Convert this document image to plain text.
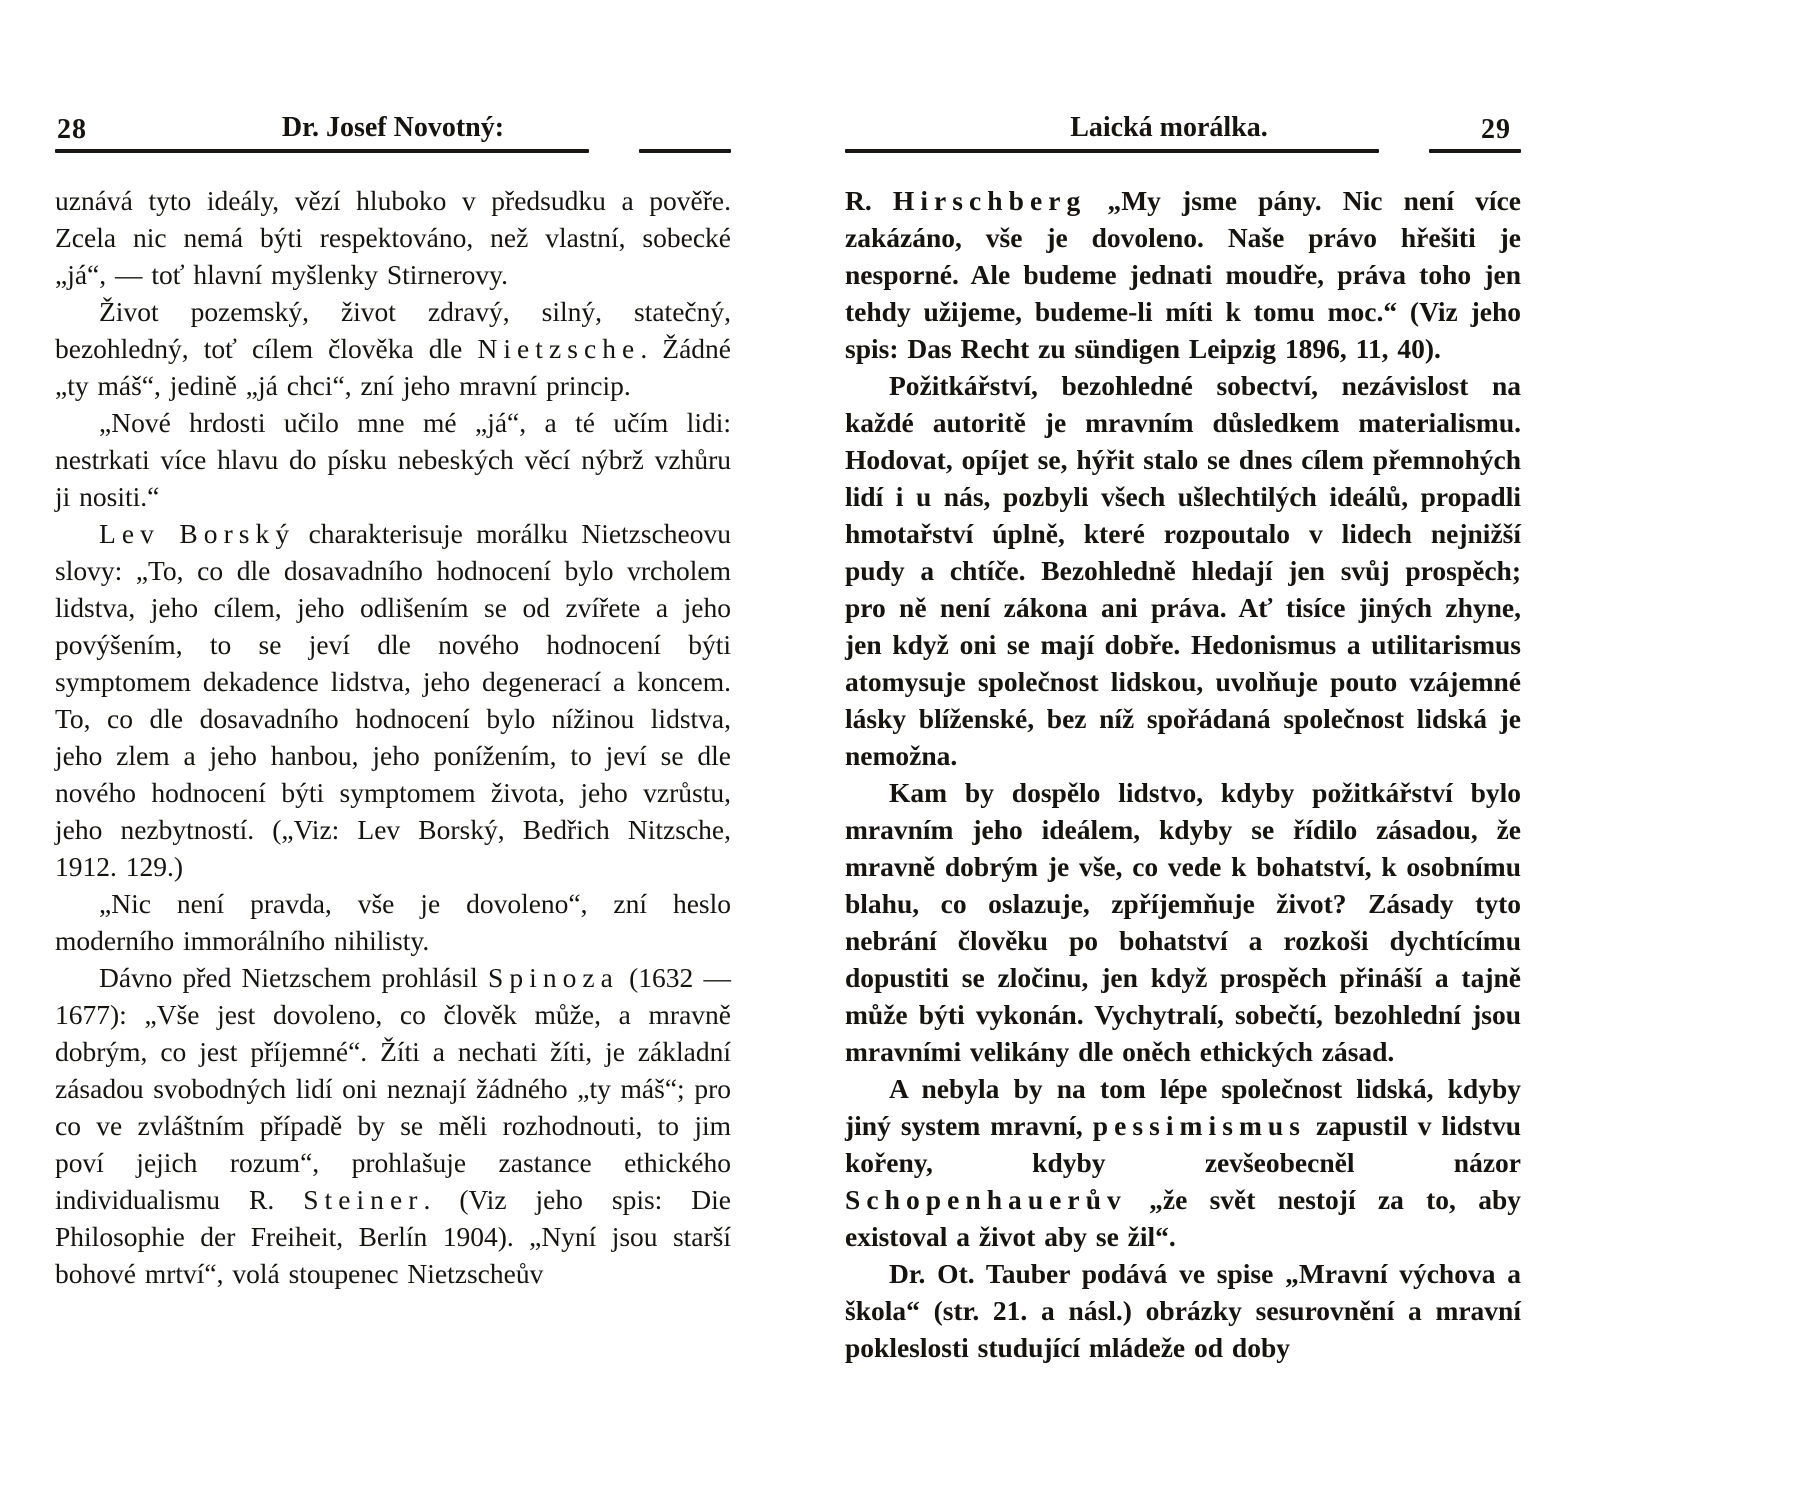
28	Dr. Josef Novotný:

uznává tyto ideály, vězí hluboko v předsudku a pověře. Zcela nic nemá býti respektováno, než vlastní, sobecké „já“, — toť hlavní myšlenky Stirnerovy.

Život pozemský, život zdravý, silný, statečný, bezohledný, toť cílem člověka dle Nietzsche. Žádné „ty máš“, jedině „já chci“, zní jeho mravní princip.

„Nové hrdosti učilo mne mé „já“, a té učím lidi: nestrkati více hlavu do písku nebeských věcí nýbrž vzhůru ji nositi.“

Lev Borský charakterisuje morálku Nietzscheovu slovy: „To, co dle dosavadního hodnocení bylo vrcholem lidstva, jeho cílem, jeho odlišením se od zvířete a jeho povýšením, to se jeví dle nového hodnocení býti symptomem dekadence lidstva, jeho degenerací a koncem. To, co dle dosavadního hodnocení bylo nížinou lidstva, jeho zlem a jeho hanbou, jeho ponížením, to jeví se dle nového hodnocení býti symptomem života, jeho vzrůstu, jeho nezbytností. („Viz: Lev Borský, Bedřich Nitzsche, 1912. 129.)

„Nic není pravda, vše je dovoleno“, zní heslo moderního immorálního nihilisty.

Dávno před Nietzschem prohlásil Spinoza (1632 — 1677): „Vše jest dovoleno, co člověk může, a mravně dobrým, co jest příjemné“. Žíti a nechati žíti, je základní zásadou svobodných lidí oni neznají žádného „ty máš“; pro co ve zvláštním případě by se měli rozhodnouti, to jim poví jejich rozum“, prohlašuje zastance ethického individualismu R. Steiner. (Viz jeho spis: Die Philosophie der Freiheit, Berlín 1904). „Nyní jsou starší bohové mrtví“, volá stoupenec Nietzscheův

29
Laická morálka.

R. Hirschberg „My jsme pány. Nic není více zakázáno, vše je dovoleno. Naše právo hřešiti je nesporné. Ale budeme jednati moudře, práva toho jen tehdy užijeme, budeme-li míti k tomu moc.“ (Viz jeho spis: Das Recht zu sündigen Leipzig 1896, 11, 40).

Požitkářství, bezohledné sobectví, nezávislost na každé autoritě je mravním důsledkem materialismu. Hodovat, opíjet se, hýřit stalo se dnes cílem přemnohých lidí i u nás, pozbyli všech ušlechtilých ideálů, propadli hmotařství úplně, které rozpoutalo v lidech nejnižší pudy a chtíče. Bezohledně hledají jen svůj prospěch; pro ně není zákona ani práva. Ať tisíce jiných zhyne, jen když oni se mají dobře. Hedonismus a utilitarismus atomysuje společnost lidskou, uvolňuje pouto vzájemné lásky blíženské, bez níž spořádaná společnost lidská je nemožna.

Kam by dospělo lidstvo, kdyby požitkářství bylo mravním jeho ideálem, kdyby se řídilo zásadou, že mravně dobrým je vše, co vede k bohatství, k osobnímu blahu, co oslazuje, zpříjemňuje život? Zásady tyto nebrání člověku po bohatství a rozkoši dychtícímu dopustiti se zločinu, jen když prospěch přináší a tajně může býti vykonán. Vychytralí, sobečtí, bezohlední jsou mravními velikány dle oněch ethických zásad.

A nebyla by na tom lépe společnost lidská, kdyby jiný system mravní, pessimismus zapustil v lidstvu kořeny, kdyby zevšeobecněl názor Schopenhauerův „že svět nestojí za to, aby existoval a život aby se žil“.

Dr. Ot. Tauber podává ve spise „Mravní výchova a škola“ (str. 21. a násl.) obrázky sesurovnění a mravní pokleslosti studující mládeže od doby
